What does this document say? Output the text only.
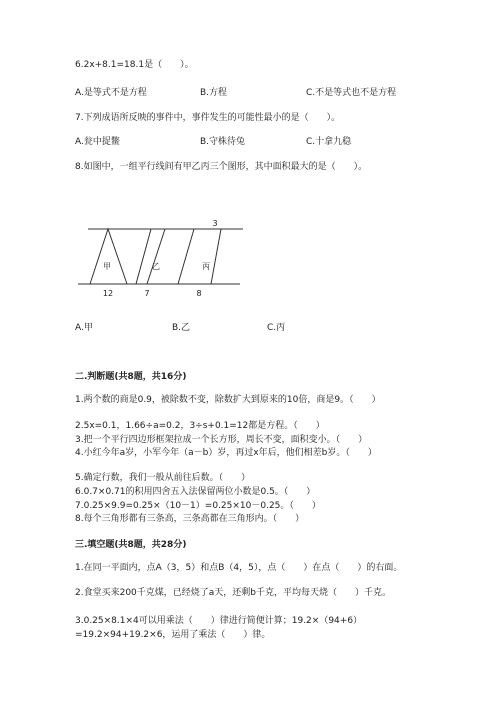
6.2x+8.1=18.1是（　　）。

A.是等式不是方程	B.方程	C.不是等式也不是方程

7.下列成语所反映的事件中，事件发生的可能性最小的是（　　）。

A.瓮中捉鳖	B.守株待兔	C.十拿九稳

8.如图中，一组平行线间有甲乙丙三个图形，其中面积最大的是（　　）。

甲	乙	丙
3
12	7	8
A.甲	B.乙	C.丙

二.判断题(共8题，共16分)

1.两个数的商是0.9，被除数不变，除数扩大到原来的10倍，商是9。（　　）

2.5x=0.1，1.66÷a=0.2，3÷s+0.1=12都是方程。（　　）

3.把一个平行四边形框架拉成一个长方形，周长不变，面积变小。（　　）

4.小红今年a岁，小军今年（a－b）岁，再过x年后，他们相差b岁。（　　）

5.确定行数，我们一般从前往后数。（　　）

6.0.7×0.71的积用四舍五入法保留两位小数是0.5。（　　）

7.0.25×9.9=0.25×（10－1）=0.25×10－0.25。（　　）

8.每个三角形都有三条高，三条高都在三角形内。（　　）

三.填空题(共8题，共28分)

1.在同一平面内，点A（3，5）和点B（4，5），点（　　）在点（　　）的右面。

2.食堂买来200千克煤，已经烧了a天，还剩b千克，平均每天烧（　　）千克。

3.0.25×8.1×4可以用乘法（　　）律进行简便计算；19.2×（94+6）=19.2×94+19.2×6，运用了乘法（　　）律。
